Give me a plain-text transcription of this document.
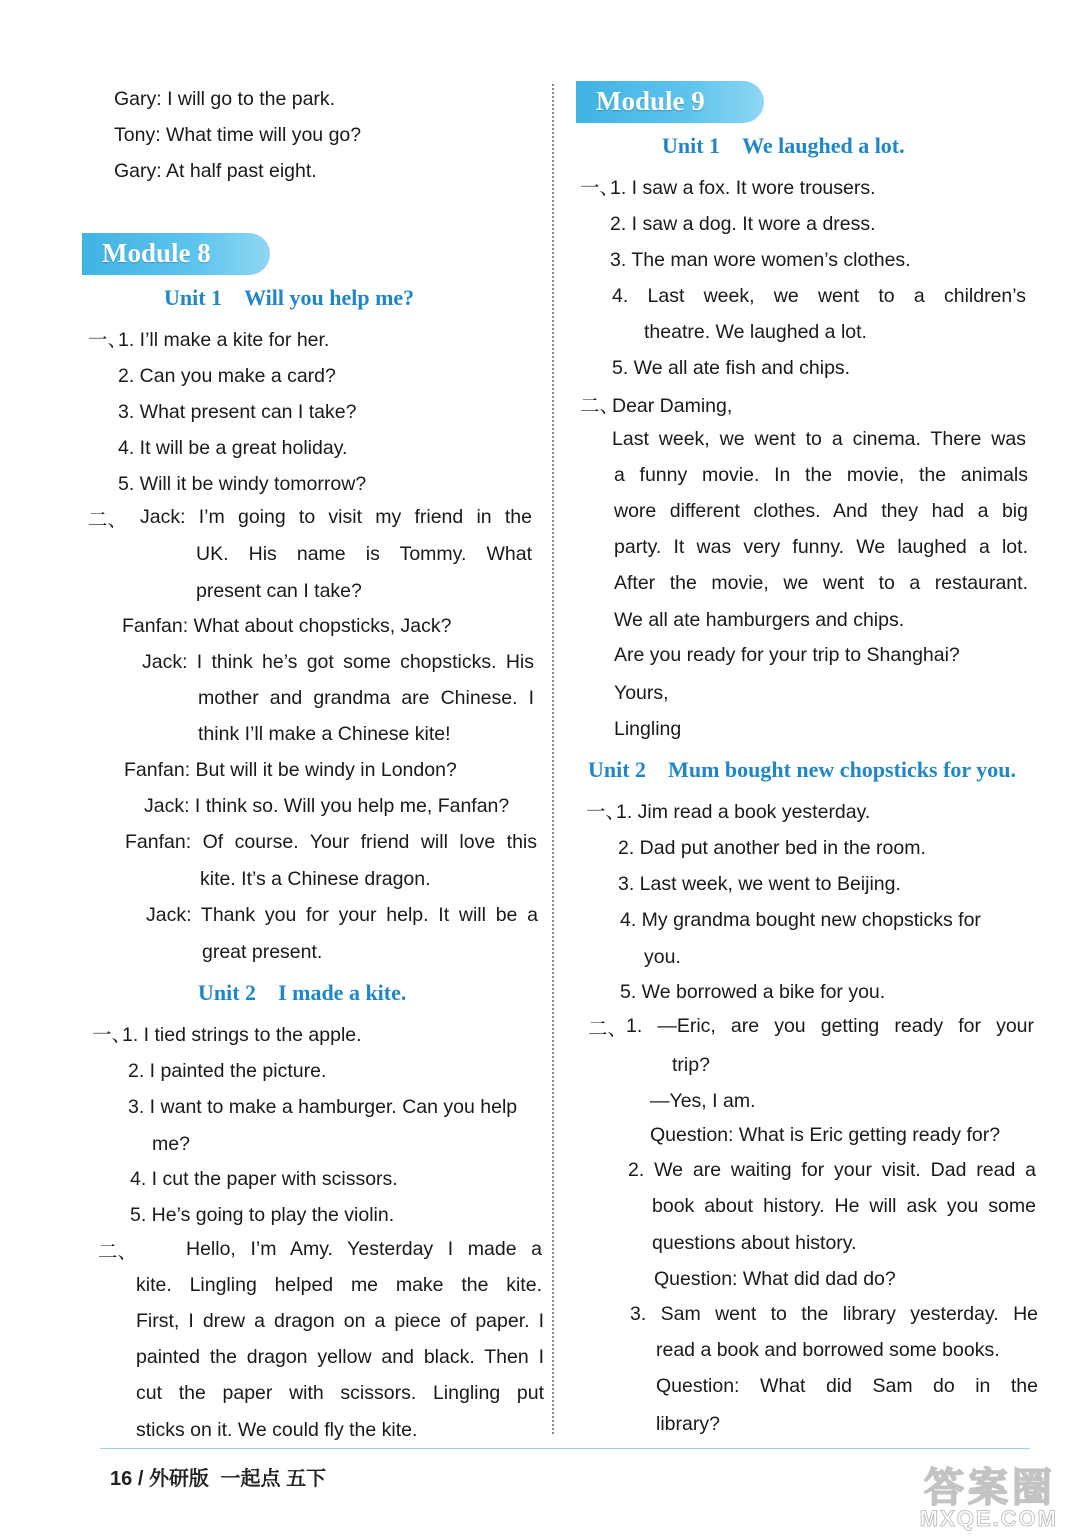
Gary: I will go to the park.
Tony: What time will you go?
Gary: At half past eight.
Module 8
Unit 1 Will you help me?
一、
1. I’ll make a kite for her.
2. Can you make a card?
3. What present can I take?
4. It will be a great holiday.
5. Will it be windy tomorrow?
二、 Jack: I’m going to visit my friend in the
UK. His name is Tommy. What
present can I take?
Fanfan: What about chopsticks, Jack?
Jack: I think he’s got some chopsticks. His
mother and grandma are Chinese. I
think I’ll make a Chinese kite!
Fanfan: But will it be windy in London?
Jack: I think so. Will you help me, Fanfan?
Fanfan: Of course. Your friend will love this
kite. It’s a Chinese dragon.
Jack: Thank you for your help. It will be a
great present.
Unit 2 I made a kite.
一、
1. I tied strings to the apple.
2. I painted the picture.
3. I want to make a hamburger. Can you help
me?
4. I cut the paper with scissors.
5. He’s going to play the violin.
二、	Hello, I’m Amy. Yesterday I made a
kite. Lingling helped me make the kite.
First, I drew a dragon on a piece of paper. I
painted the dragon yellow and black. Then I
cut the paper with scissors. Lingling put
sticks on it. We could fly the kite.
Module 9
Unit 1 We laughed a lot.
一、
1. I saw a fox. It wore trousers.
2. I saw a dog. It wore a dress.
3. The man wore women’s clothes.
4. Last week, we went to a children’s
theatre. We laughed a lot.
5. We all ate fish and chips.
二、
Dear Daming,
Last week, we went to a cinema. There was
a funny movie. In the movie, the animals
wore different clothes. And they had a big
party. It was very funny. We laughed a lot.
After the movie, we went to a restaurant.
We all ate hamburgers and chips.
Are you ready for your trip to Shanghai?
Yours,
Lingling
Unit 2 Mum bought new chopsticks for you.
一、
1. Jim read a book yesterday.
2. Dad put another bed in the room.
3. Last week, we went to Beijing.
4. My grandma bought new chopsticks for
you.
5. We borrowed a bike for you.
二、
1. —Eric, are you getting ready for your
trip?
—Yes, I am.
Question: What is Eric getting ready for?
2. We are waiting for your visit. Dad read a
book about history. He will ask you some
questions about history.
Question: What did dad do?
3. Sam went to the library yesterday. He
read a book and borrowed some books.
Question: What did Sam do in the
library?
16 / 外研版 一起点 五下	答案圈
MXQE.COM
